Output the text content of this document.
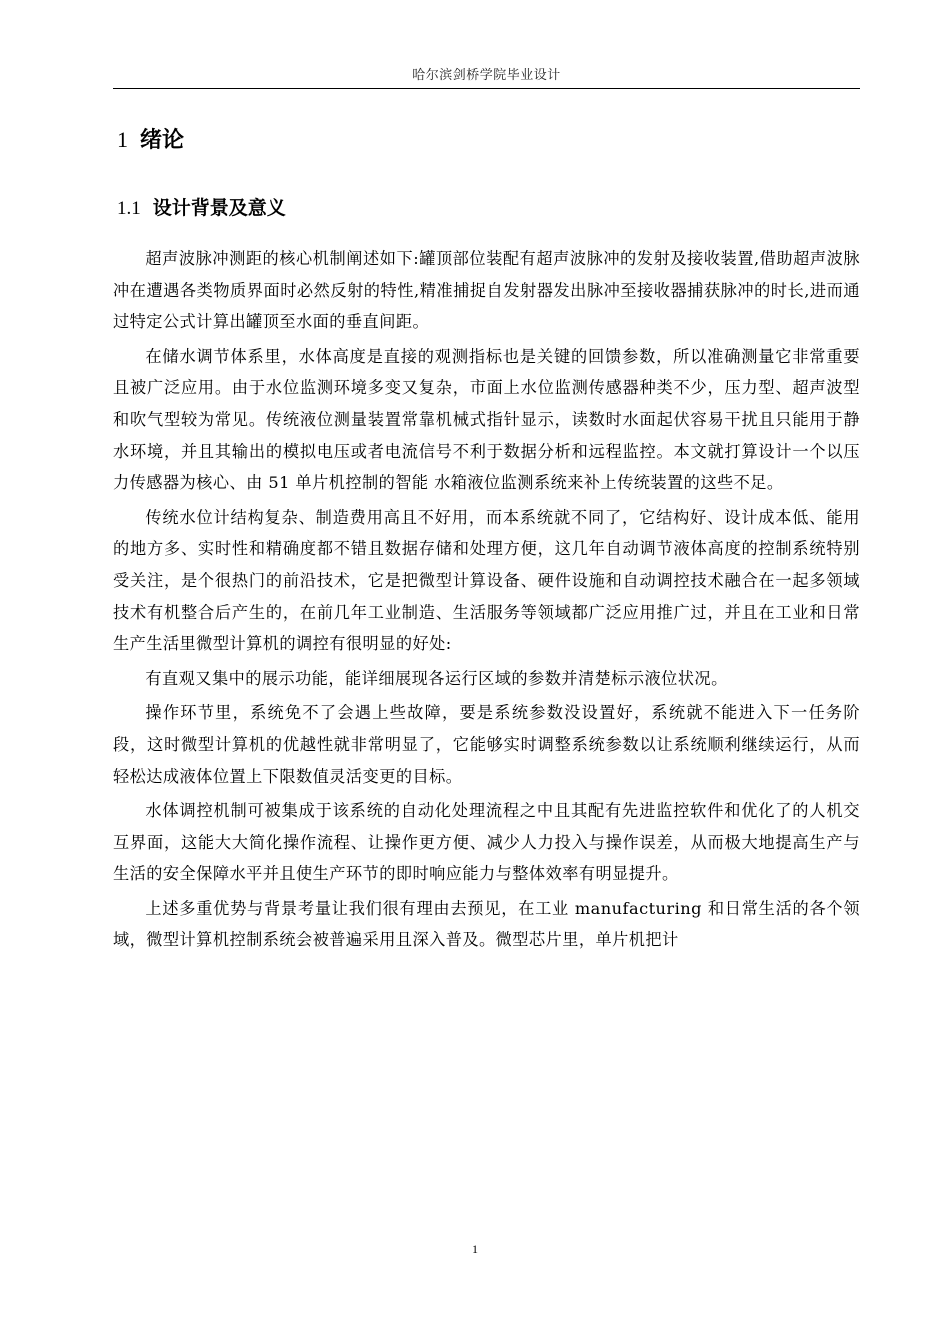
哈尔滨剑桥学院毕业设计
1 绪论
1.1 设计背景及意义

超声波脉冲测距的核心机制阐述如下:罐顶部位装配有超声波脉冲的发射及接收装置,借助超声波脉冲在遭遇各类物质界面时必然反射的特性,精准捕捉自发射器发出脉冲至接收器捕获脉冲的时长,进而通过特定公式计算出罐顶至水面的垂直间距。

在储水调节体系里，水体高度是直接的观测指标也是关键的回馈参数，所以准确测量它非常重要且被广泛应用。由于水位监测环境多变又复杂，市面上水位监测传感器种类不少，压力型、超声波型和吹气型较为常见。传统液位测量装置常靠机械式指针显示，读数时水面起伏容易干扰且只能用于静水环境，并且其输出的模拟电压或者电流信号不利于数据分析和远程监控。本文就打算设计一个以压力传感器为核心、由 51 单片机控制的智能 水箱液位监测系统来补上传统装置的这些不足。

传统水位计结构复杂、制造费用高且不好用，而本系统就不同了，它结构好、设计成本低、能用的地方多、实时性和精确度都不错且数据存储和处理方便，这几年自动调节液体高度的控制系统特别受关注，是个很热门的前沿技术，它是把微型计算设备、硬件设施和自动调控技术融合在一起多领域技术有机整合后产生的，在前几年工业制造、生活服务等领域都广泛应用推广过，并且在工业和日常生产生活里微型计算机的调控有很明显的好处:

有直观又集中的展示功能，能详细展现各运行区域的参数并清楚标示液位状况。

操作环节里，系统免不了会遇上些故障，要是系统参数没设置好，系统就不能进入下一任务阶段，这时微型计算机的优越性就非常明显了，它能够实时调整系统参数以让系统顺利继续运行，从而轻松达成液体位置上下限数值灵活变更的目标。

水体调控机制可被集成于该系统的自动化处理流程之中且其配有先进监控软件和优化了的人机交互界面，这能大大简化操作流程、让操作更方便、减少人力投入与操作误差，从而极大地提高生产与生活的安全保障水平并且使生产环节的即时响应能力与整体效率有明显提升。

上述多重优势与背景考量让我们很有理由去预见，在工业 manufacturing 和日常生活的各个领域，微型计算机控制系统会被普遍采用且深入普及。微型芯片里，单片机把计

1
